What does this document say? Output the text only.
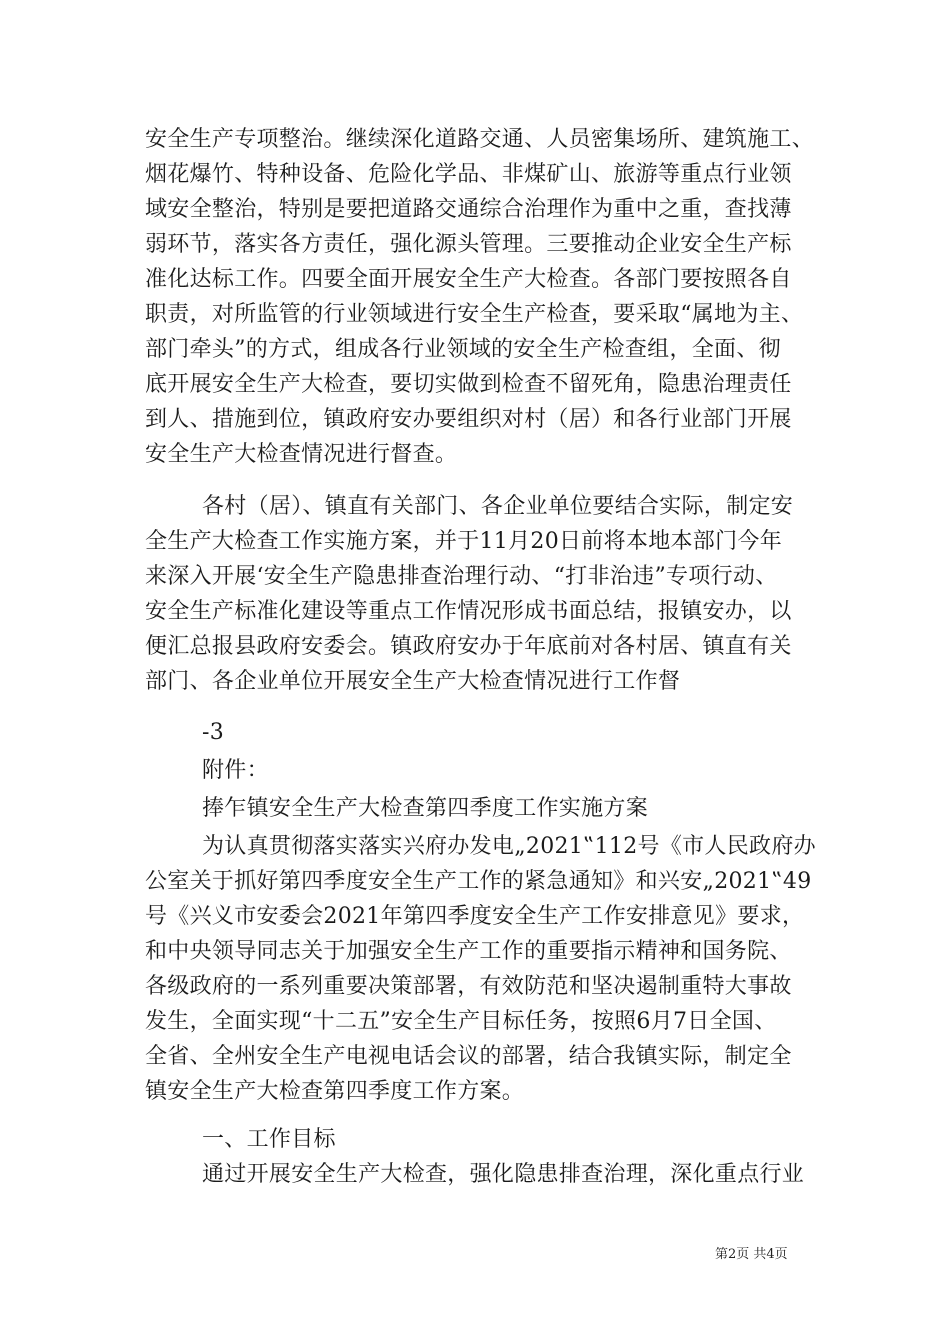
安全生产专项整治。继续深化道路交通、人员密集场所、建筑施工、
烟花爆竹、特种设备、危险化学品、非煤矿山、旅游等重点行业领
域安全整治，特别是要把道路交通综合治理作为重中之重，查找薄
弱环节，落实各方责任，强化源头管理。三要推动企业安全生产标
准化达标工作。四要全面开展安全生产大检查。各部门要按照各自
职责，对所监管的行业领域进行安全生产检查，要采取“属地为主、
部门牵头”的方式，组成各行业领域的安全生产检查组，全面、彻
底开展安全生产大检查，要切实做到检查不留死角，隐患治理责任
到人、措施到位，镇政府安办要组织对村（居）和各行业部门开展
安全生产大检查情况进行督查。
各村（居）、镇直有关部门、各企业单位要结合实际，制定安
全生产大检查工作实施方案，并于11月20日前将本地本部门今年
来深入开展‘安全生产隐患排查治理行动、“打非治违”专项行动、
安全生产标准化建设等重点工作情况形成书面总结，报镇安办，以
便汇总报县政府安委会。镇政府安办于年底前对各村居、镇直有关
部门、各企业单位开展安全生产大检查情况进行工作督
-3
附件：
捧乍镇安全生产大检查第四季度工作实施方案
为认真贯彻落实落实兴府办发电„2021‟112号《市人民政府办
公室关于抓好第四季度安全生产工作的紧急通知》和兴安„2021‟49
号《兴义市安委会2021年第四季度安全生产工作安排意见》要求，
和中央领导同志关于加强安全生产工作的重要指示精神和国务院、
各级政府的一系列重要决策部署，有效防范和坚决遏制重特大事故
发生，全面实现“十二五”安全生产目标任务，按照6月7日全国、
全省、全州安全生产电视电话会议的部署，结合我镇实际，制定全
镇安全生产大检查第四季度工作方案。
一、工作目标
通过开展安全生产大检查，强化隐患排查治理，深化重点行业
第2页 共4页
